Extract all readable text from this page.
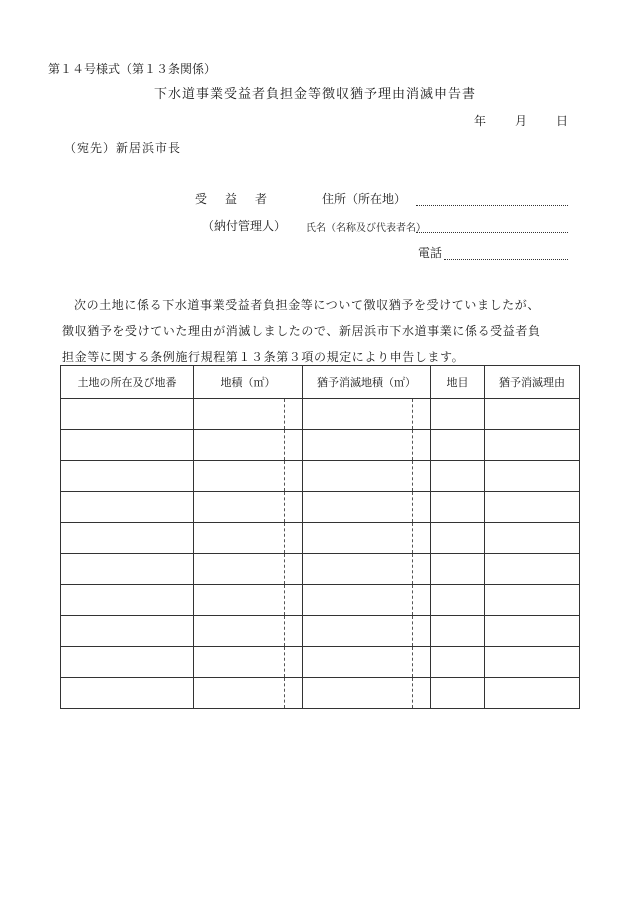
第１４号様式（第１３条関係）
下水道事業受益者負担金等徴収猶予理由消滅申告書
年 月 日
（宛先）新居浜市長
受　益　者	住所（所在地）
（納付管理人） 氏名（名称及び代表者名）
電話
次の土地に係る下水道事業受益者負担金等について徴収猶予を受けていましたが、
徴収猶予を受けていた理由が消滅しましたので、新居浜市下水道事業に係る受益者負
担金等に関する条例施行規程第１３条第３項の規定により申告します。
土地の所在及び地番	地積（㎡）		猶予消滅地積（㎡）		地目	猶予消滅理由
